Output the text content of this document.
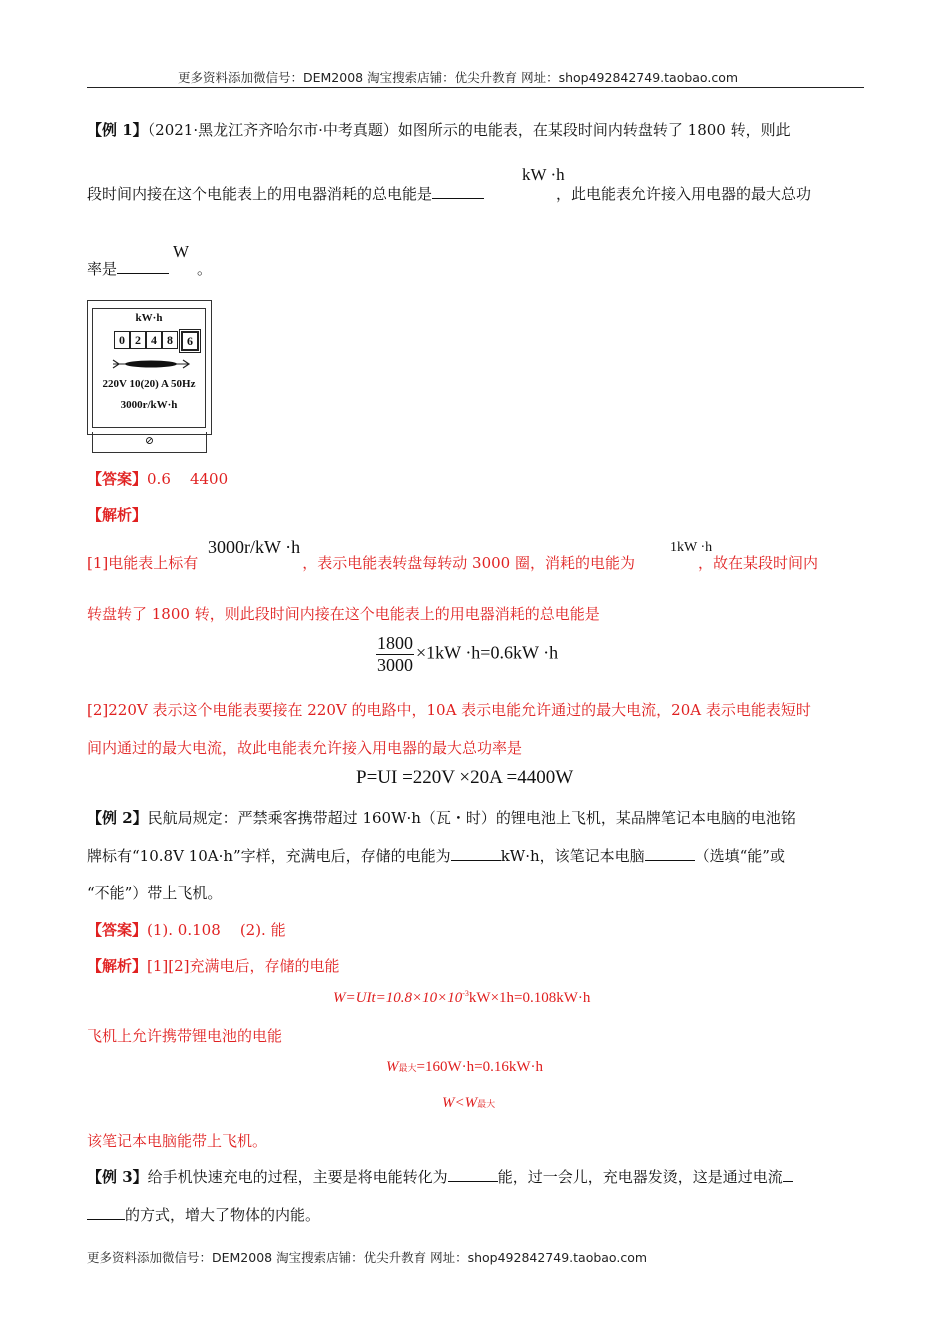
更多资料添加微信号：DEM2008 淘宝搜索店铺：优尖升教育 网址：shop492842749.taobao.com
【例 1】（2021·黑龙江齐齐哈尔市·中考真题）如图所示的电能表，在某段时间内转盘转了 1800 转，则此
kW ·h
段时间内接在这个电能表上的用电器消耗的总电能是	，此电能表允许接入用电器的最大总功
W
率是	。
kW·h
0 2 4 8	6
220V 10(20) A 50Hz
3000r/kW·h
⊘
【答案】0.6    4400
【解析】
3000r/kW ·h	1kW ·h
[1]电能表上标有	，表示电能表转盘每转动 3000 圈，消耗的电能为	，故在某段时间内
转盘转了 1800 转，则此段时间内接在这个电能表上的用电器消耗的总电能是
$\frac{1800}{3000} \times 1kW \cdot h=0.6kW \cdot h$
[2]220V 表示这个电能表要接在 220V 的电路中，10A 表示电能允许通过的最大电流，20A 表示电能表短时
间内通过的最大电流，故此电能表允许接入用电器的最大总功率是
P=UI =220V ×20A =4400W
【例 2】民航局规定：严禁乘客携带超过 160W·h（瓦・时）的锂电池上飞机，某品牌笔记本电脑的电池铭
牌标有“10.8V 10A·h”字样，充满电后，存储的电能为	kW·h，该笔记本电脑	（选填“能”或
“不能”）带上飞机。
【答案】(1). 0.108    (2). 能
【解析】[1][2]充满电后，存储的电能
$W=UIt=10.8\times 10\times 10^{-3}kW\times 1h=0.108kW\cdot h$
飞机上允许携带锂电池的电能
W最大=160W·h=0.16kW·h
W<W最大
该笔记本电脑能带上飞机。
【例 3】给手机快速充电的过程，主要是将电能转化为	能，过一会儿，充电器发烫，这是通过电流
的方式，增大了物体的内能。
更多资料添加微信号：DEM2008 淘宝搜索店铺：优尖升教育 网址：shop492842749.taobao.com
